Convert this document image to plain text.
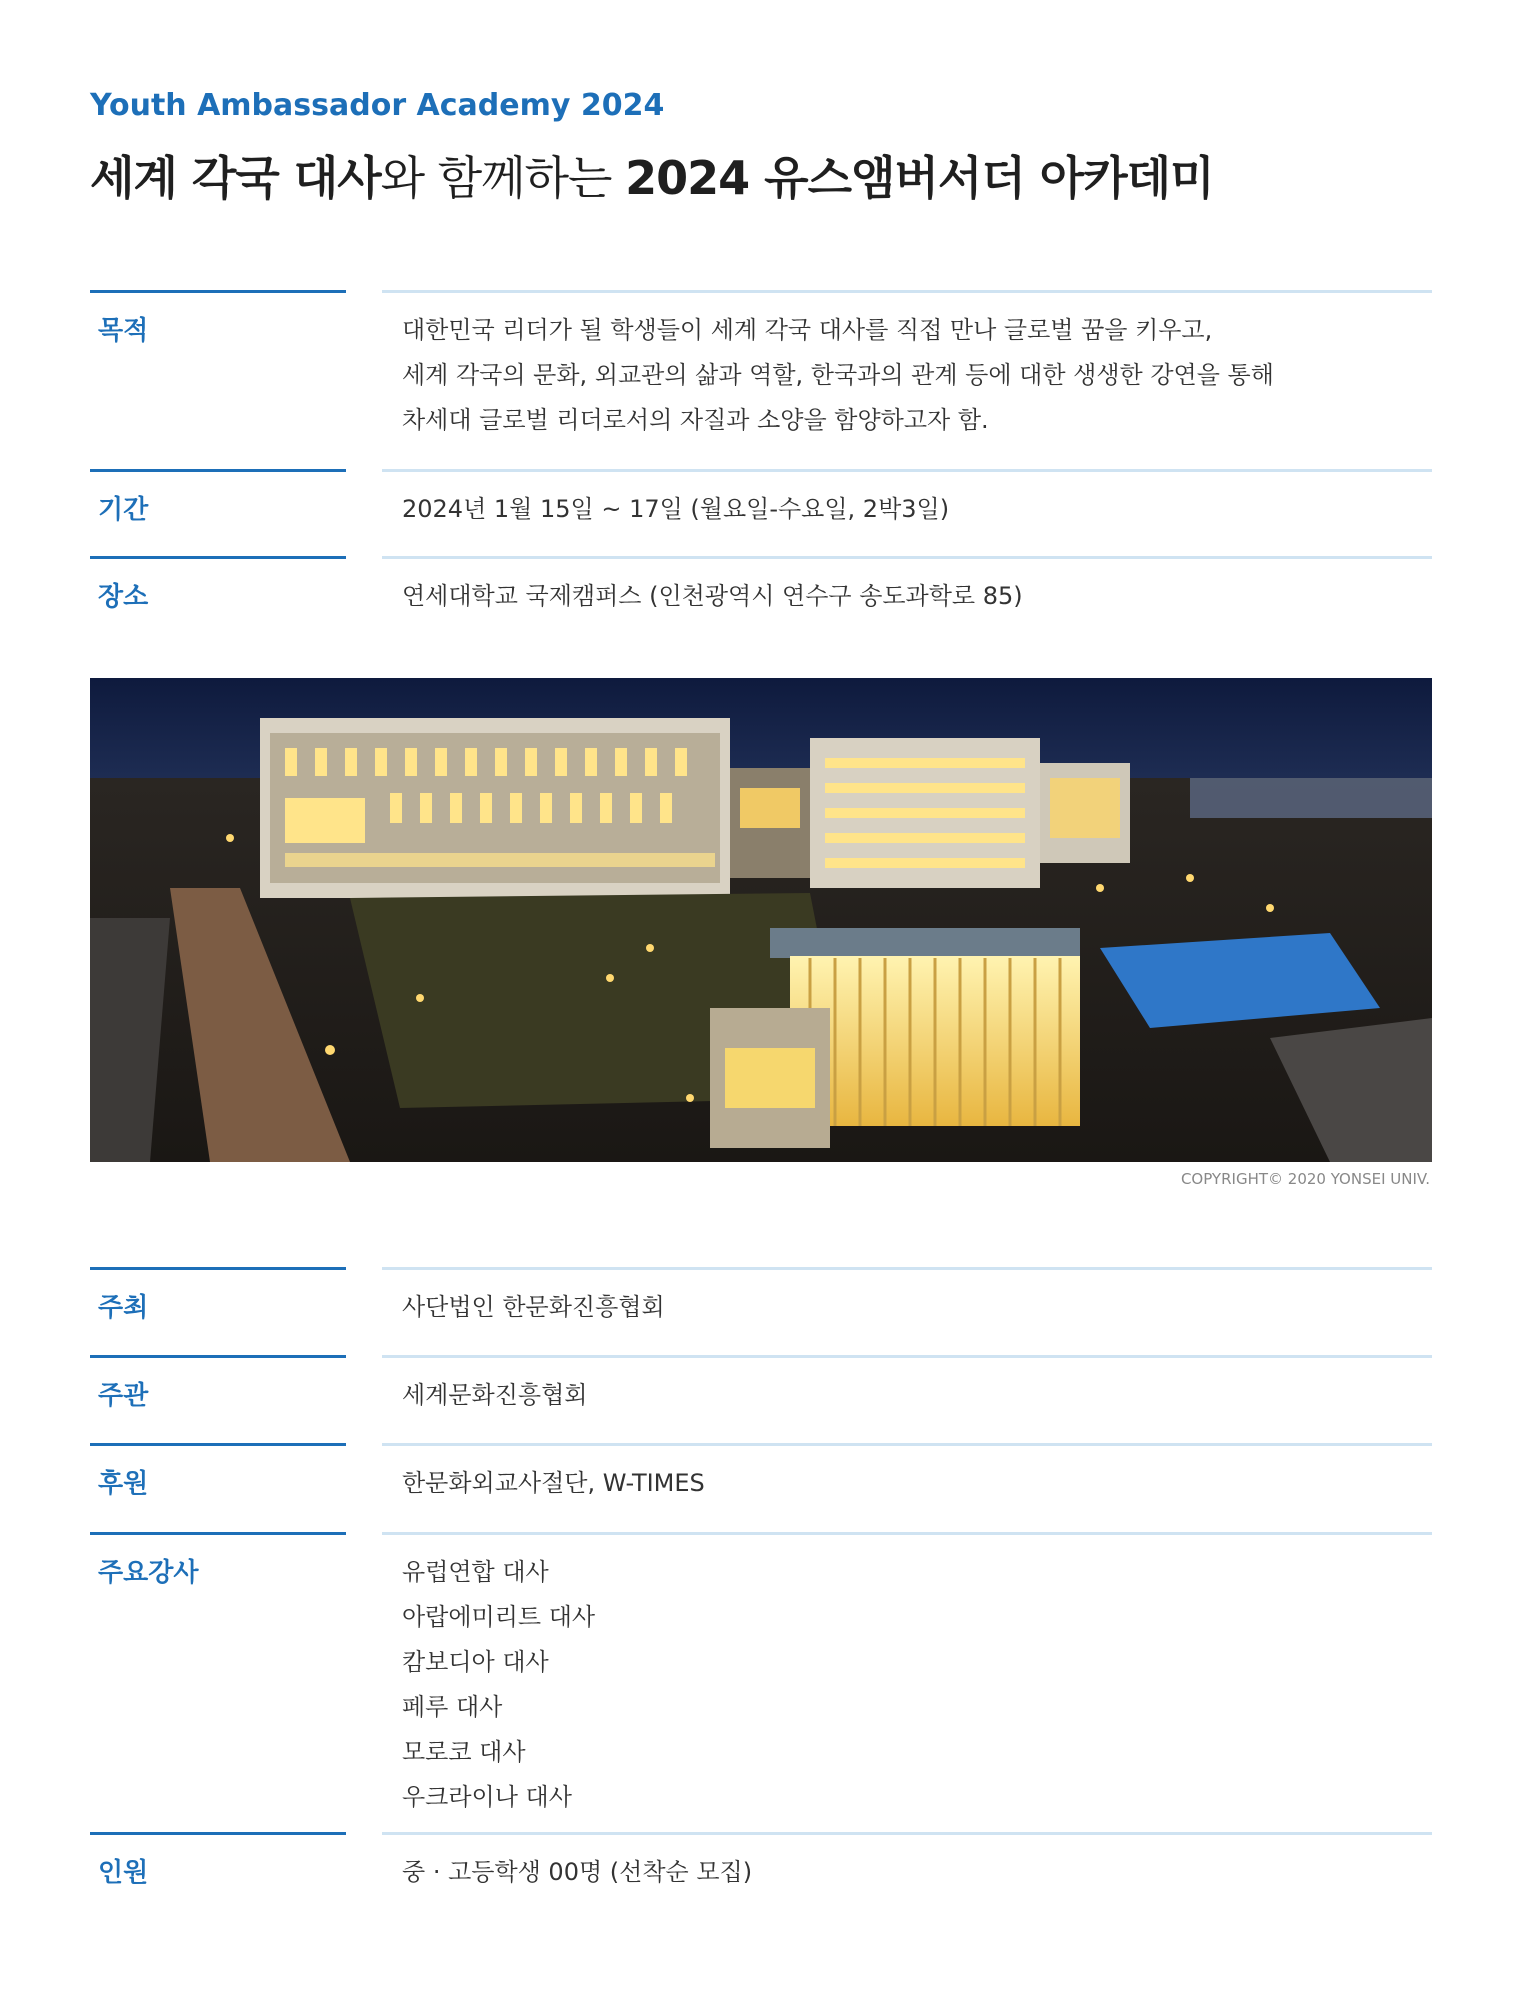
Youth Ambassador Academy 2024
세계 각국 대사와 함께하는 2024 유스앰버서더 아카데미
목적	대한민국 리더가 될 학생들이 세계 각국 대사를 직접 만나 글로벌 꿈을 키우고,
세계 각국의 문화, 외교관의 삶과 역할, 한국과의 관계 등에 대한 생생한 강연을 통해
차세대 글로벌 리더로서의 자질과 소양을 함양하고자 함.
기간	2024년 1월 15일 ~ 17일 (월요일-수요일, 2박3일)
장소	연세대학교 국제캠퍼스 (인천광역시 연수구 송도과학로 85)
COPYRIGHT© 2020 YONSEI UNIV.
주최	사단법인 한문화진흥협회
주관	세계문화진흥협회
후원	한문화외교사절단, W-TIMES
주요강사	유럽연합 대사
아랍에미리트 대사
캄보디아 대사
페루 대사
모로코 대사
우크라이나 대사
인원	중 · 고등학생 00명 (선착순 모집)
